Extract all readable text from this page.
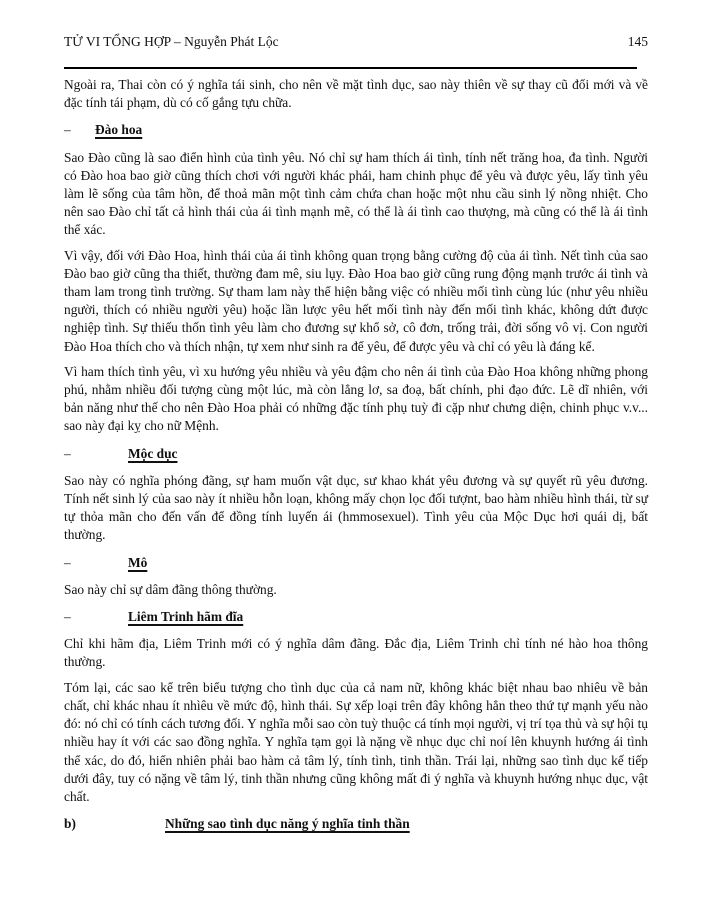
TỬ VI TỔNG HỢP – Nguyễn Phát Lộc	145

Ngoài ra, Thai còn có ý nghĩa tái sinh, cho nên về mặt tình dục, sao này thiên về sự thay cũ đổi mới và về đặc tính tái phạm, dù có cố gắng tựu chữa.

–	Đào hoa

Sao Đào cũng là sao điển hình của tình yêu. Nó chỉ sự ham thích ái tình, tính nết trăng hoa, đa tình. Người có Đào hoa bao giờ cũng thích chơi với người khác phái, ham chinh phục để yêu và được yêu, lấy tình yêu làm lẽ sống của tâm hồn, để thoả mãn một tình cảm chứa chan hoặc một nhu cầu sinh lý nồng nhiệt. Cho nên sao Đào chỉ tất cả hình thái của ái tình mạnh mẽ, có thể là ái tình cao thượng, mà cũng có thể là ái tình thể xác.

Vì vậy, đối với Đào Hoa, hình thái của ái tình không quan trọng bằng cường độ của ái tình. Nết tình của sao Đào bao giờ cũng tha thiết, thường đam mê, siu lụy. Đào Hoa bao giờ cũng rung động mạnh trước ái tình và tham lam trong tình trường. Sự tham lam này thể hiện bằng việc có nhiều mối tình cùng lúc (như yêu nhiều người, thích có nhiều người yêu) hoặc lần lược yêu hết mối tình này đến mối tình khác, không dứt được nghiệp tình. Sự thiếu thốn tình yêu làm cho đương sự khổ sở, cô đơn, trống trải, đời sống vô vị. Con người Đào Hoa thích cho và thích nhận, tự xem như sinh ra để yêu, để được yêu và chỉ có yêu là đáng kể.

Vì ham thích tình yêu, vì xu hướng yêu nhiều và yêu đậm cho nên ái tình của Đào Hoa không những phong phú, nhằm nhiều đối tượng cùng một lúc, mà còn lẳng lơ, sa đoạ, bất chính, phi đạo đức. Lẽ dĩ nhiên, với bản năng như thế cho nên Đào Hoa phải có những đặc tính phụ tuỳ đi cặp như chưng diện, chinh phục v.v... sao này đại kỵ cho nữ Mệnh.

–	Mộc dục

Sao này có nghĩa phóng đãng, sự ham muốn vật dục, sư khao khát yêu đương và sự quyết rũ yêu đương. Tính nết sinh lý của sao này ít nhiều hỗn loạn, không mấy chọn lọc đối tượnt, bao hàm nhiều hình thái, từ sự tự thỏa mãn cho đến vấn để đồng tính luyến ái (hmmosexuel). Tình yêu của Mộc Dục hơi quái dị, bất thường.

–	Mô

Sao này chỉ sự dâm đãng thông thường.

–	Liêm Trinh hãm đĩa

Chỉ khi hãm địa, Liêm Trinh mới có ý nghĩa dâm đãng. Đắc địa, Liêm Trinh chỉ tính né hào hoa thông thường.

Tóm lại, các sao kể trên biểu tượng cho tình dục của cả nam nữ, không khác biệt nhau bao nhiêu về bản chất, chỉ khác nhau ít nhìêu về mức độ, hình thái. Sự xếp loại trên đây không hẳn theo thứ tự mạnh yếu nào đó: nó chỉ có tính cách tương đối. Y nghĩa mỗi sao còn tuỳ thuộc cá tính mọi người, vị trí tọa thủ và sự hội tụ nhiều hay ít với các sao đồng nghĩa. Y nghĩa tạm gọi là nặng về nhục dục chỉ noí lên khuynh hướng ái tình thể xác, do đó, hiển nhiên phải bao hàm cả tâm lý, tính tình, tinh thần. Trái lại, những sao tình dục kế tiếp dưới đây, tuy có nặng về tâm lý, tinh thần nhưng cũng không mất đi ý nghĩa và khuynh hướng nhục dục, vật chất.

b)	Những sao tình dục năng ý nghĩa tinh thần
